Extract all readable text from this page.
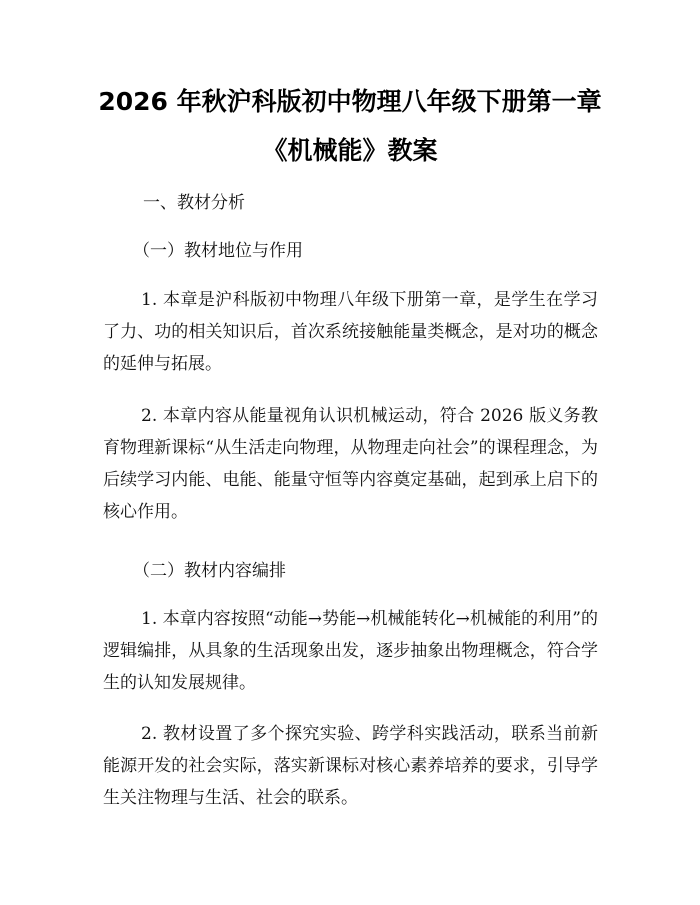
2026 年秋沪科版初中物理八年级下册第一章
《机械能》教案
一、教材分析
（一）教材地位与作用
1. 本章是沪科版初中物理八年级下册第一章，是学生在学习了力、功的相关知识后，首次系统接触能量类概念，是对功的概念的延伸与拓展。
2. 本章内容从能量视角认识机械运动，符合 2026 版义务教育物理新课标“从生活走向物理，从物理走向社会”的课程理念，为后续学习内能、电能、能量守恒等内容奠定基础，起到承上启下的核心作用。
（二）教材内容编排
1. 本章内容按照“动能→势能→机械能转化→机械能的利用”的逻辑编排，从具象的生活现象出发，逐步抽象出物理概念，符合学生的认知发展规律。
2. 教材设置了多个探究实验、跨学科实践活动，联系当前新能源开发的社会实际，落实新课标对核心素养培养的要求，引导学生关注物理与生活、社会的联系。
